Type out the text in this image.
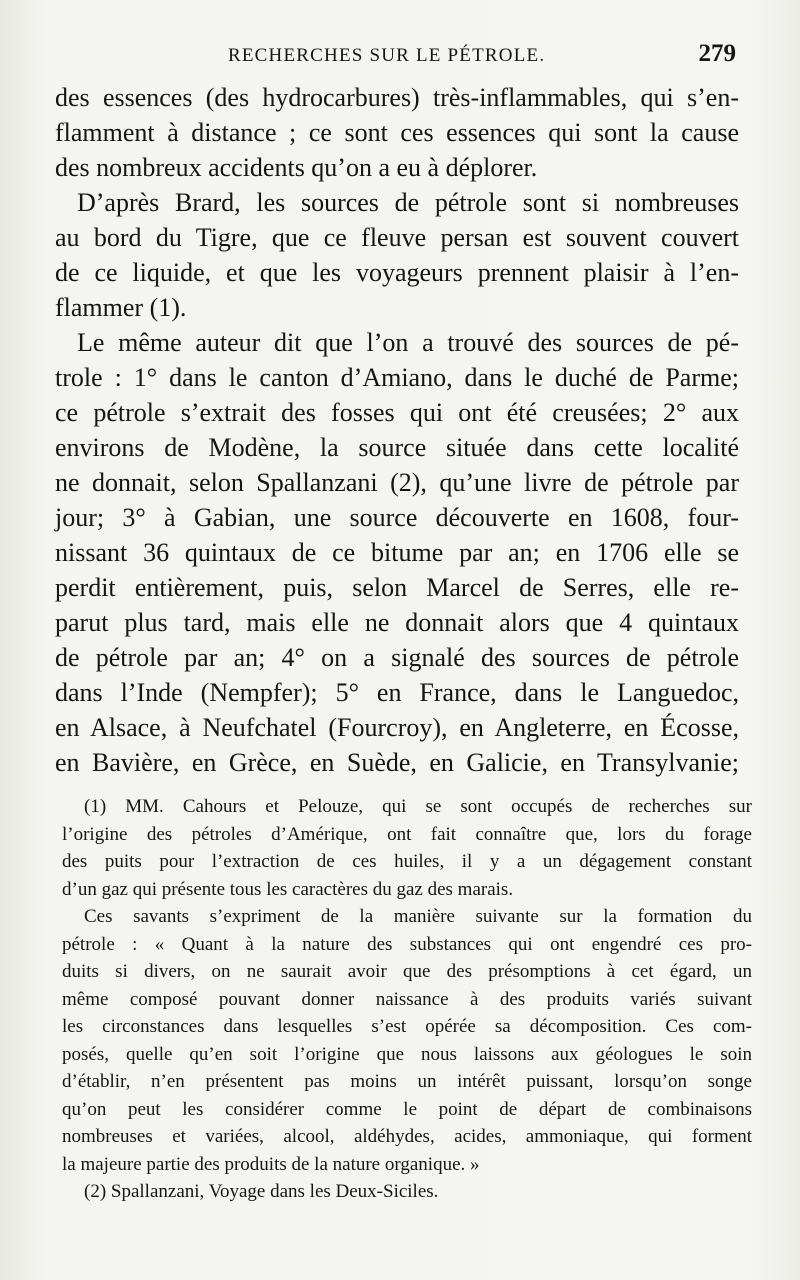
RECHERCHES SUR LE PÉTROLE.	279
des essences (des hydrocarbures) très-inflammables, qui s’en-
flamment à distance ; ce sont ces essences qui sont la cause
des nombreux accidents qu’on a eu à déplorer.
D’après Brard, les sources de pétrole sont si nombreuses
au bord du Tigre, que ce fleuve persan est souvent couvert
de ce liquide, et que les voyageurs prennent plaisir à l’en-
flammer (1).
Le même auteur dit que l’on a trouvé des sources de pé-
trole : 1° dans le canton d’Amiano, dans le duché de Parme;
ce pétrole s’extrait des fosses qui ont été creusées; 2° aux
environs de Modène, la source située dans cette localité
ne donnait, selon Spallanzani (2), qu’une livre de pétrole par
jour; 3° à Gabian, une source découverte en 1608, four-
nissant 36 quintaux de ce bitume par an; en 1706 elle se
perdit entièrement, puis, selon Marcel de Serres, elle re-
parut plus tard, mais elle ne donnait alors que 4 quintaux
de pétrole par an; 4° on a signalé des sources de pétrole
dans l’Inde (Nempfer); 5° en France, dans le Languedoc,
en Alsace, à Neufchatel (Fourcroy), en Angleterre, en Écosse,
en Bavière, en Grèce, en Suède, en Galicie, en Transylvanie;
(1) MM. Cahours et Pelouze, qui se sont occupés de recherches sur
l’origine des pétroles d’Amérique, ont fait connaître que, lors du forage
des puits pour l’extraction de ces huiles, il y a un dégagement constant
d’un gaz qui présente tous les caractères du gaz des marais.
Ces savants s’expriment de la manière suivante sur la formation du
pétrole : « Quant à la nature des substances qui ont engendré ces pro-
duits si divers, on ne saurait avoir que des présomptions à cet égard, un
même composé pouvant donner naissance à des produits variés suivant
les circonstances dans lesquelles s’est opérée sa décomposition. Ces com-
posés, quelle qu’en soit l’origine que nous laissons aux géologues le soin
d’établir, n’en présentent pas moins un intérêt puissant, lorsqu’on songe
qu’on peut les considérer comme le point de départ de combinaisons
nombreuses et variées, alcool, aldéhydes, acides, ammoniaque, qui forment
la majeure partie des produits de la nature organique. »
(2) Spallanzani, Voyage dans les Deux-Siciles.
